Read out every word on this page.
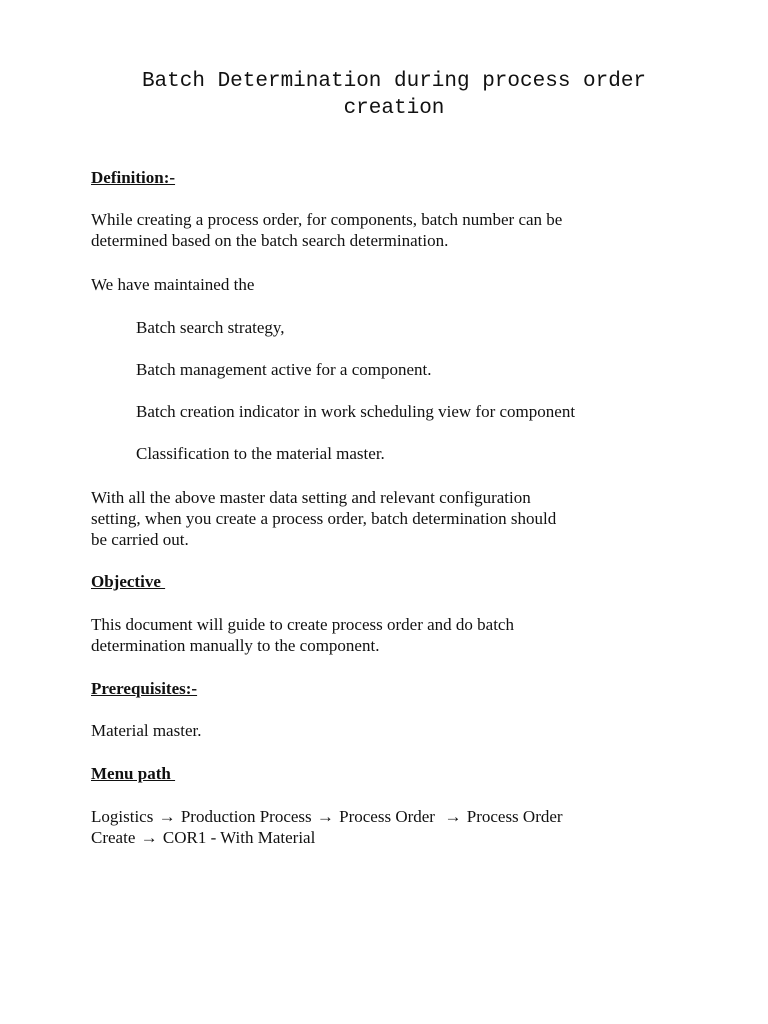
Batch Determination during process order
creation
Definition:-
While creating a process order, for components, batch number can be
determined based on the batch search determination.
We have maintained the
Batch search strategy,
Batch management active for a component.
Batch creation indicator in work scheduling view for component
Classification to the material master.
With all the above master data setting and relevant configuration
setting, when you create a process order, batch determination should
be carried out.
Objective
This document will guide to create process order and do batch
determination manually to the component.
Prerequisites:-
Material master.
Menu path
Logistics → Production Process → Process Order → Process Order
Create → COR1 - With Material
